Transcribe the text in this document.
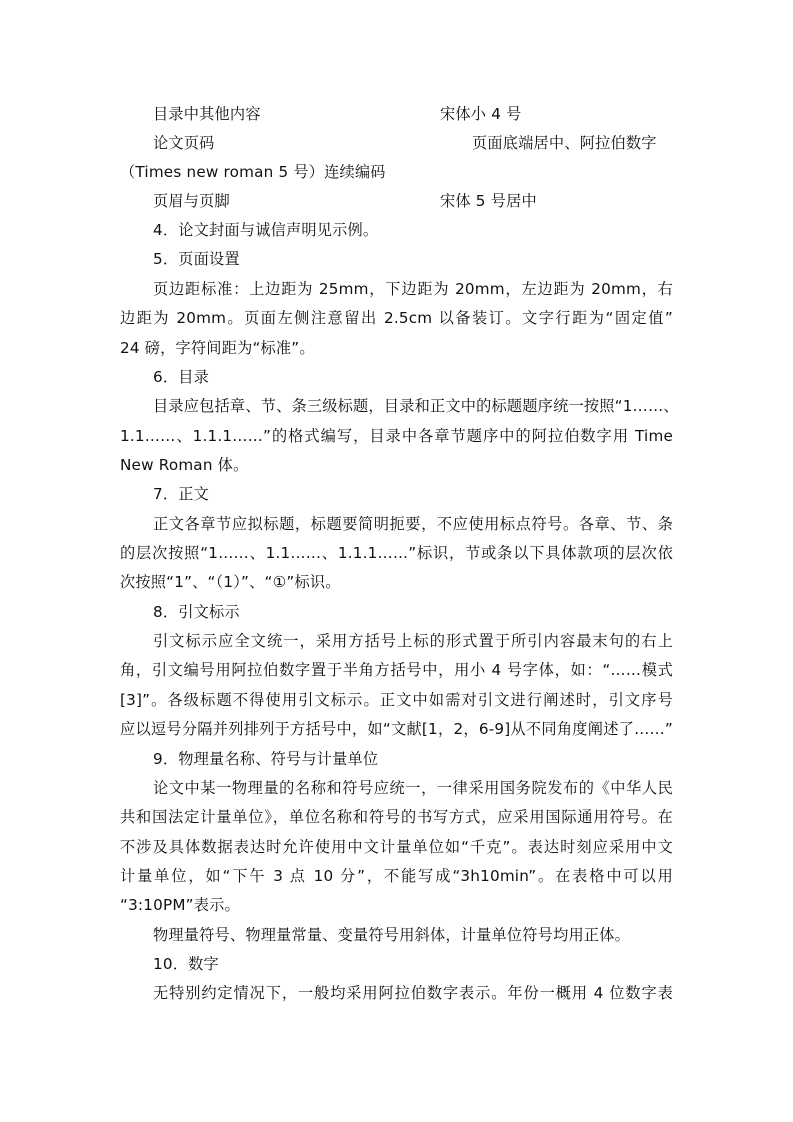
目录中其他内容	宋体小 4 号
论文页码	页面底端居中、阿拉伯数字
（Times new roman 5 号）连续编码
页眉与页脚	宋体 5 号居中
4．论文封面与诚信声明见示例。
5．页面设置
页边距标准：上边距为 25mm，下边距为 20mm，左边距为 20mm，右
边距为 20mm。页面左侧注意留出 2.5cm 以备装订。文字行距为“固定值”
24 磅，字符间距为“标准”。
6．目录
目录应包括章、节、条三级标题，目录和正文中的标题题序统一按照“1……、
1.1……、1.1.1……”的格式编写，目录中各章节题序中的阿拉伯数字用 Time
New Roman 体。
7．正文
正文各章节应拟标题，标题要简明扼要，不应使用标点符号。各章、节、条
的层次按照“1……、1.1……、1.1.1……”标识，节或条以下具体款项的层次依
次按照“1”、“（1）”、“①”标识。
8．引文标示
引文标示应全文统一，采用方括号上标的形式置于所引内容最末句的右上
角，引文编号用阿拉伯数字置于半角方括号中，用小 4 号字体，如：“……模式
[3]”。各级标题不得使用引文标示。正文中如需对引文进行阐述时，引文序号
应以逗号分隔并列排列于方括号中，如“文献[1，2，6-9]从不同角度阐述了……”
9．物理量名称、符号与计量单位
论文中某一物理量的名称和符号应统一，一律采用国务院发布的《中华人民
共和国法定计量单位》，单位名称和符号的书写方式，应采用国际通用符号。在
不涉及具体数据表达时允许使用中文计量单位如“千克”。表达时刻应采用中文
计量单位，如“下午 3 点 10 分”，不能写成“3h10min”。在表格中可以用
“3:10PM”表示。
物理量符号、物理量常量、变量符号用斜体，计量单位符号均用正体。
10．数字
无特别约定情况下，一般均采用阿拉伯数字表示。年份一概用 4 位数字表
